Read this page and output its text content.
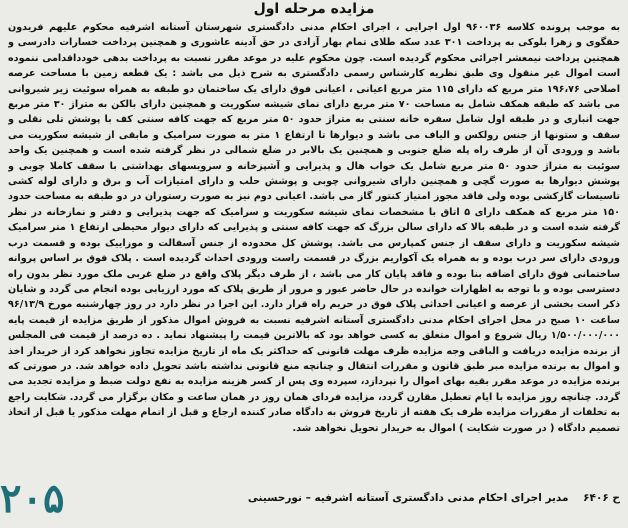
مزایده مرحله اول
به موجب پرونده کلاسه ۹۶۰۰۳۶ اول اجرایی ، اجرای احکام مدنی دادگستری شهرستان آستانه اشرفیه محکوم علیهم فریدون حقگوی و زهرا بلوکی به پرداخت ۳۰۱ عدد سکه طلای تمام بهار آزادی در حق آدینه عاشوری و همچنین پرداخت خسارات دادرسی و همچنین پرداخت نیمعشر اجرائی محکوم گردیده است. چون محکوم علیه در موعد مقرر نسبت به پرداخت بدهی خودداقدامی ننموده است اموال غیر منقول وی طبق نظریه کارشناس رسمی دادگستری به شرح ذیل می باشد : یک قطعه زمین با مساحت عرصه اصلاحی ۱۹۶،۷۶ متر مربع که دارای ۱۱۵ متر مربع اعیانی ، اعیانی فوق دارای یک ساختمان دو طبقه به همراه سوئیت زیر شیروانی می باشد که طبقه همکف شامل به مساحت ۷۰ متر مربع دارای نمای شیشه سکوریت و همچنین دارای بالکن به متراژ ۳۰ متر مربع جهت انباری و در طبقه اول شامل سفره خانه سنتی به متراژ حدود ۵۰ متر مربع که جهت کافه سنتی کف با پوشش تلی نقلی و سقف و ستونها از جنس رولکس و الیاف می باشد و دیوارها تا ارتفاع ۱ متر به صورت سرامیک و مابقی از شیشه سکوریت می باشد و ورودی آن از طرف راه پله ضلع جنوبی و همچنین یک بالابر در ضلع شمالی در نظر گرفته شده است و همچنین یک واحد سوئیت به متراژ حدود ۵۰ متر مربع شامل یک خواب هال و پذیرایی و آشپزخانه و سرویسهای بهداشتی با سقف کاملا چوبی و پوشش دیوارها به صورت گچی و همچنین دارای شیروانی چوبی و پوشش حلب و دارای امتیازات آب و برق و دارای لوله کشی تاسیسات گازکشی بوده ولی فاقد مجوز امتیاز کنتور گاز می باشد. اعیانی دوم نیز به صورت رستوران در دو طبقه به مساحت حدود ۱۵۰ متر مربع که همکف دارای ۵ اتاق با مشخصات نمای شیشه سکوریت و سرامیک که جهت پذیرایی و دفتر و نمازخانه در نظر گرفته شده است و در طبقه بالا که دارای سالن بزرگ که جهت کافه سنتی و پذیرایی که دارای دیوار محیطی ارتفاع ۱ متر سرامیک شیشه سکوریت و دارای سقف از جنس کمپارس می باشد. پوشش کل محدوده از جنس آسفالت و موزاییک بوده و قسمت درب ورودی دارای سر درب بوده و به همراه یک آکواریم بزرگ در قسمت راست ورودی احداث گردیده است . پلاک فوق بر اساس پروانه ساختمانی فوق دارای اضافه بنا بوده و فاقد پایان کار می باشد ، از طرف دیگر پلاک واقع در ضلع غربی ملک مورد نظر بدون راه دسترسی بوده و با توجه به اظهارات خوانده در حال حاضر عبور و مرور از طریق پلاک که مورد ارزیابی بوده انجام می گردد و شایان ذکر است بخشی از عرصه و اعیانی احداثی پلاک فوق در حریم راه قرار دارد. این اجرا در نظر دارد در روز چهارشنبه مورخ ۹۶/۱۳/۹ ساعت ۱۰ صبح در محل اجرای احکام مدنی دادگستری آستانه اشرفیه نسبت به فروش اموال مذکور از طریق مزایده از قیمت پایه ۱/۵۰۰/۰۰۰/۰۰۰ ریال شروع و اموال متعلق به کسی خواهد بود که بالاترین قیمت را پیشنهاد نماید . ده درصد از قیمت فی المجلس از برنده مزایده دریافت و الباقی وجه مزایده ظرف مهلت قانونی که حداکثر یک ماه از تاریخ مزایده تجاوز نخواهد کرد از خریدار اخذ و اموال به برنده مزایده مبر طبق قانون و مقررات انتقال و چنانچه منع قانونی نداشته باشد تحویل داده خواهد شد. در صورتی که برنده مزایده در موعد مقرر بقیه بهای اموال را نپردازد، سپرده وی پس از کسر هزینه مزایده به نفع دولت ضبط و مزایده تجدید می گردد. چنانچه روز مزایده با ایام تعطیل مقارن گردد، مزایده فردای همان روز در همان ساعت و مکان برگزار می گردد. شکایت راجع به تخلفات از مقررات مزایده ظرف یک هفته از تاریخ فروش به دادگاه صادر کننده ارجاع و قبل از اتمام مهلت مذکور یا قبل از اتخاذ تصمیم دادگاه ( در صورت شکایت ) اموال به خریدار تحویل نخواهد شد.
ح ۶۴۰۶    مدیر اجرای احکام مدنی دادگستری آستانه اشرفیه – نورحسینی
۲۰۵
